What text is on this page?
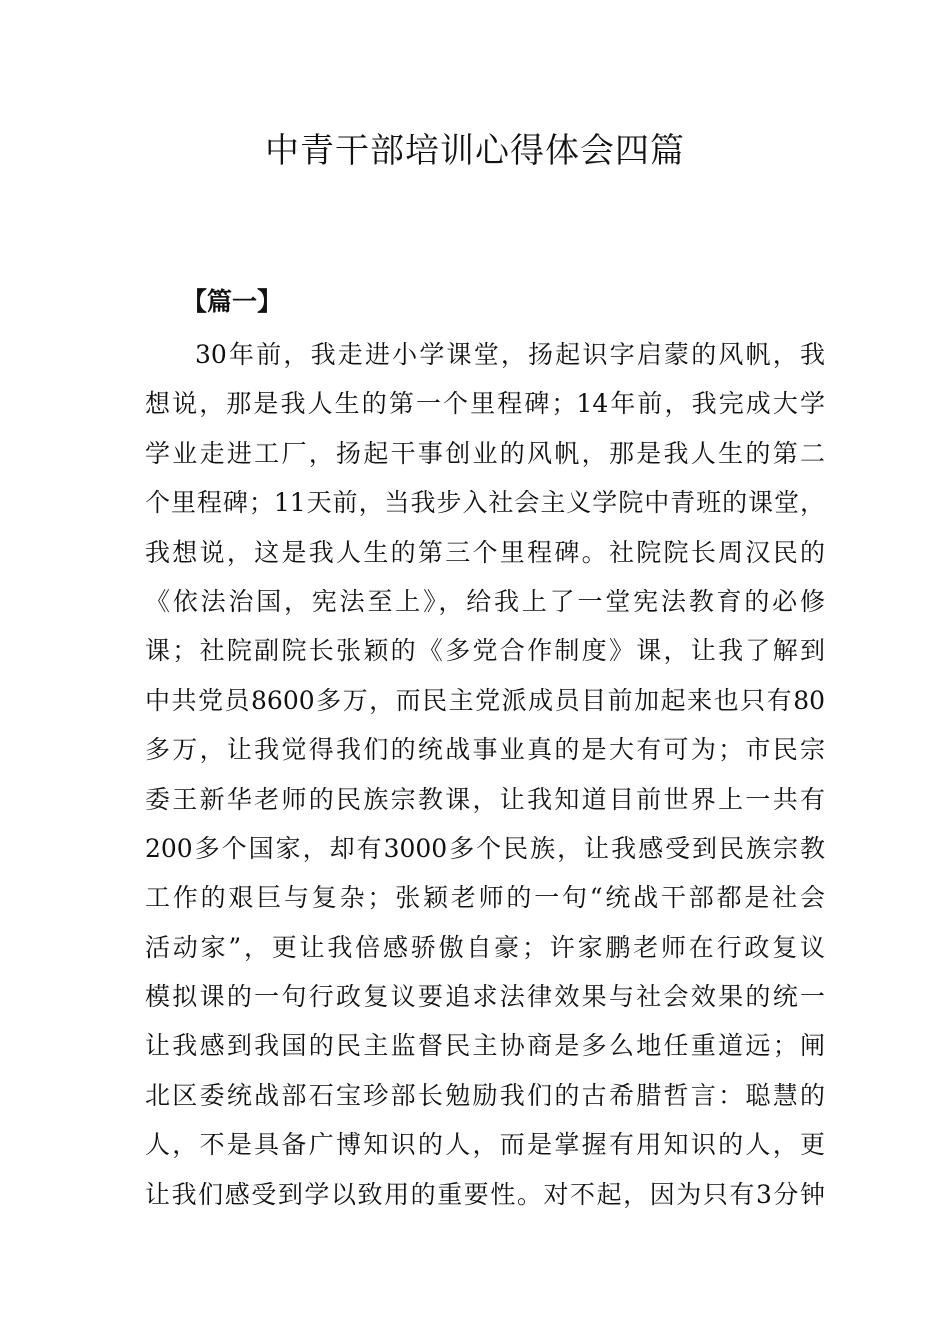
中青干部培训心得体会四篇
【篇一】
30年前，我走进小学课堂，扬起识字启蒙的风帆，我
想说，那是我人生的第一个里程碑；14年前，我完成大学
学业走进工厂，扬起干事创业的风帆，那是我人生的第二
个里程碑；11天前，当我步入社会主义学院中青班的课堂，
我想说，这是我人生的第三个里程碑。社院院长周汉民的
《依法治国，宪法至上》，给我上了一堂宪法教育的必修
课；社院副院长张颖的《多党合作制度》课，让我了解到
中共党员8600多万，而民主党派成员目前加起来也只有80
多万，让我觉得我们的统战事业真的是大有可为；市民宗
委王新华老师的民族宗教课，让我知道目前世界上一共有
200多个国家，却有3000多个民族，让我感受到民族宗教
工作的艰巨与复杂；张颖老师的一句“统战干部都是社会
活动家”，更让我倍感骄傲自豪；许家鹏老师在行政复议
模拟课的一句行政复议要追求法律效果与社会效果的统一
让我感到我国的民主监督民主协商是多么地任重道远；闸
北区委统战部石宝珍部长勉励我们的古希腊哲言：聪慧的
人，不是具备广博知识的人，而是掌握有用知识的人，更
让我们感受到学以致用的重要性。对不起，因为只有3分钟
